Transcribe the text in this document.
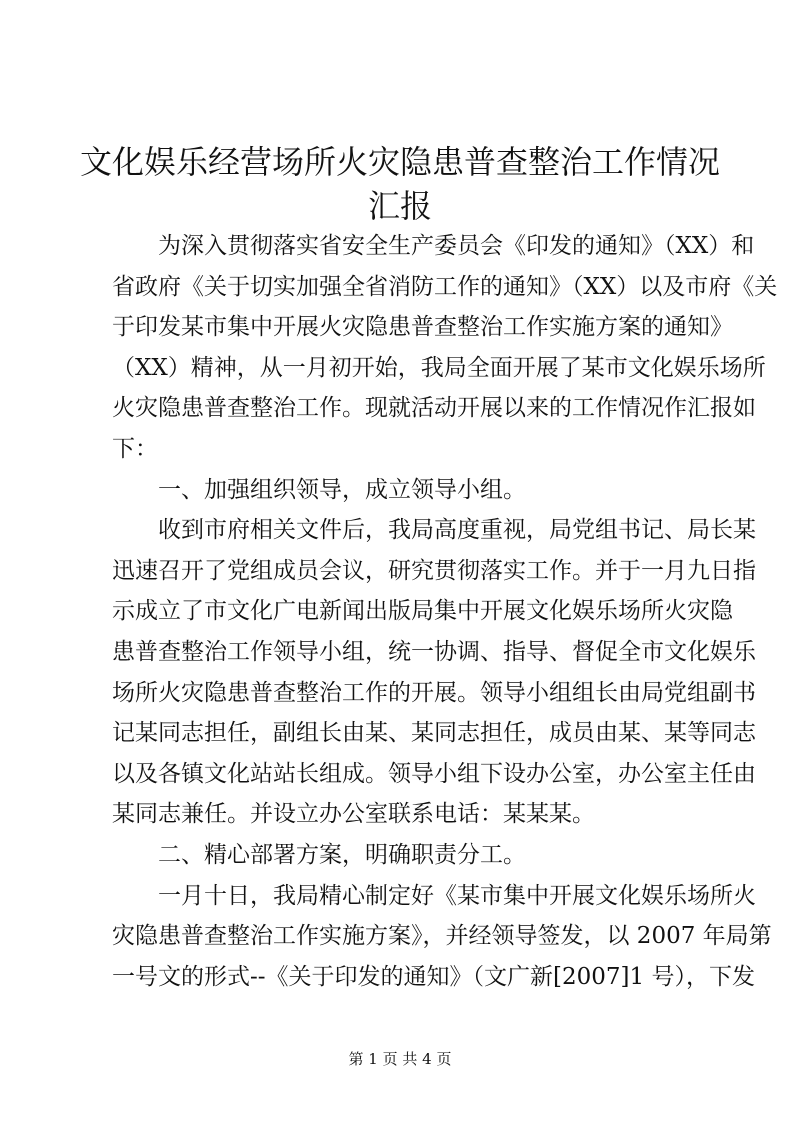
文化娱乐经营场所火灾隐患普查整治工作情况
汇报
为深入贯彻落实省安全生产委员会《印发的通知》（XX）和
省政府《关于切实加强全省消防工作的通知》（XX）以及市府《关
于印发某市集中开展火灾隐患普查整治工作实施方案的通知》
（XX）精神，从一月初开始，我局全面开展了某市文化娱乐场所
火灾隐患普查整治工作。现就活动开展以来的工作情况作汇报如
下：
一、加强组织领导，成立领导小组。
收到市府相关文件后，我局高度重视，局党组书记、局长某
迅速召开了党组成员会议，研究贯彻落实工作。并于一月九日指
示成立了市文化广电新闻出版局集中开展文化娱乐场所火灾隐
患普查整治工作领导小组，统一协调、指导、督促全市文化娱乐
场所火灾隐患普查整治工作的开展。领导小组组长由局党组副书
记某同志担任，副组长由某、某同志担任，成员由某、某等同志
以及各镇文化站站长组成。领导小组下设办公室，办公室主任由
某同志兼任。并设立办公室联系电话：某某某。
二、精心部署方案，明确职责分工。
一月十日，我局精心制定好《某市集中开展文化娱乐场所火
灾隐患普查整治工作实施方案》，并经领导签发，以 2007 年局第
一号文的形式--《关于印发的通知》（文广新[2007]1 号），下发
第 1 页 共 4 页
